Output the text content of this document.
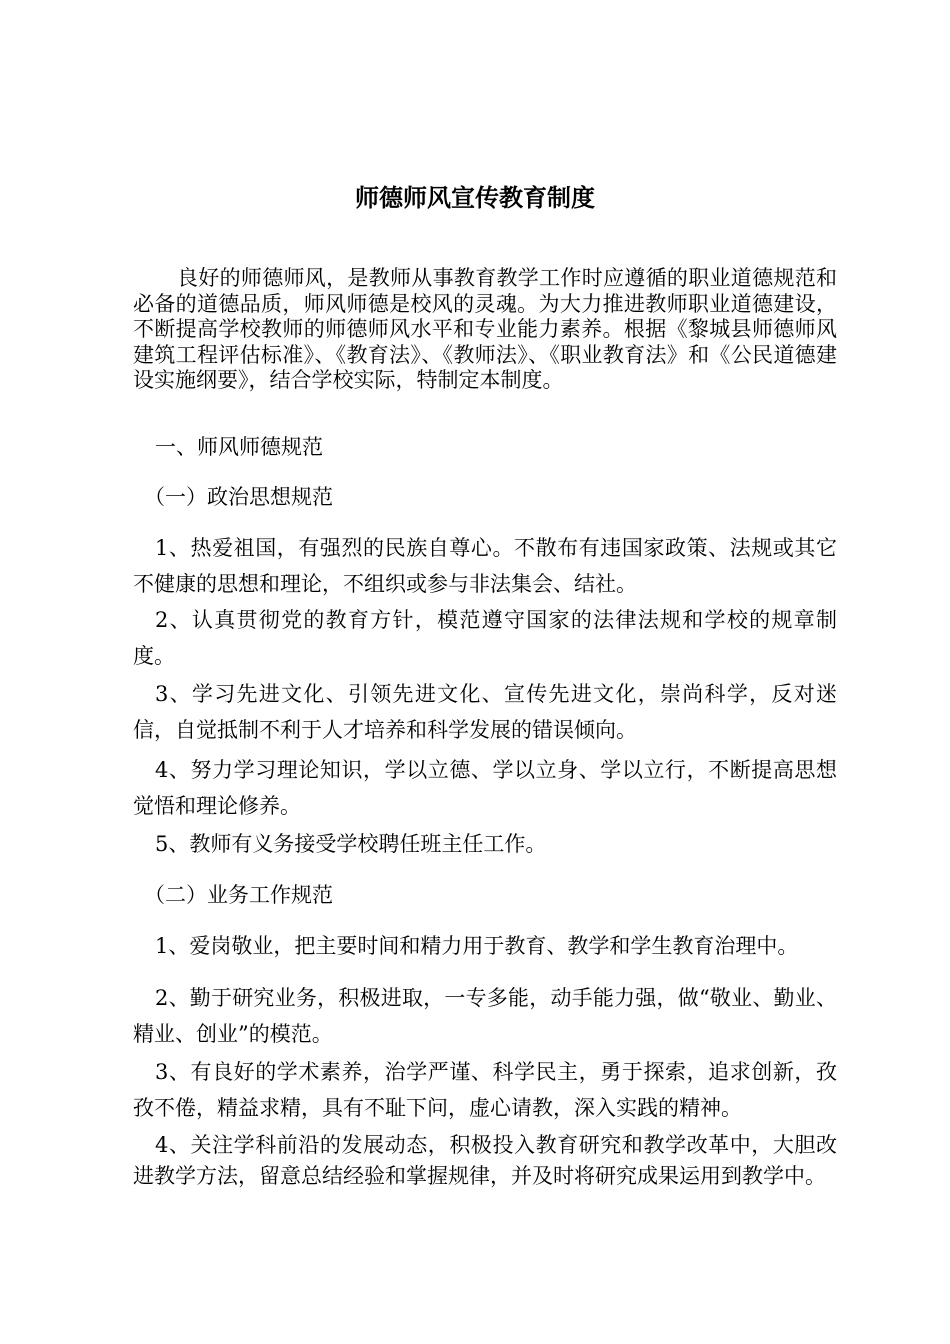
师德师风宣传教育制度
良好的师德师风，是教师从事教育教学工作时应遵循的职业道德规范和必备的道德品质，师风师德是校风的灵魂。为大力推进教师职业道德建设，不断提高学校教师的师德师风水平和专业能力素养。根据《黎城县师德师风建筑工程评估标准》、《教育法》、《教师法》、《职业教育法》和《公民道德建设实施纲要》，结合学校实际，特制定本制度。
一、师风师德规范
（一）政治思想规范
1、热爱祖国，有强烈的民族自尊心。不散布有违国家政策、法规或其它不健康的思想和理论，不组织或参与非法集会、结社。
2、认真贯彻党的教育方针，模范遵守国家的法律法规和学校的规章制度。
3、学习先进文化、引领先进文化、宣传先进文化，崇尚科学，反对迷信，自觉抵制不利于人才培养和科学发展的错误倾向。
4、努力学习理论知识，学以立德、学以立身、学以立行，不断提高思想觉悟和理论修养。
5、教师有义务接受学校聘任班主任工作。
（二）业务工作规范
1、爱岗敬业，把主要时间和精力用于教育、教学和学生教育治理中。
2、勤于研究业务，积极进取，一专多能，动手能力强，做“敬业、勤业、精业、创业”的模范。
3、有良好的学术素养，治学严谨、科学民主，勇于探索，追求创新，孜孜不倦，精益求精，具有不耻下问，虚心请教，深入实践的精神。
4、关注学科前沿的发展动态，积极投入教育研究和教学改革中，大胆改进教学方法，留意总结经验和掌握规律，并及时将研究成果运用到教学中。
